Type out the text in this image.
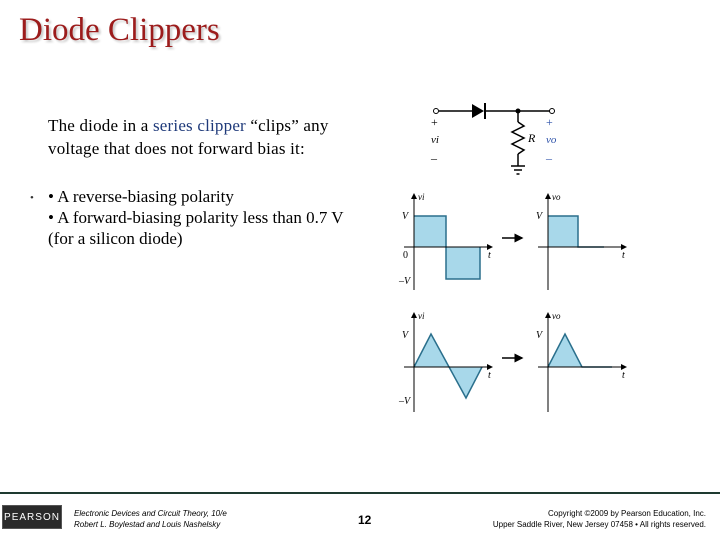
Diode Clippers
The diode in a series clipper “clips” any voltage that does not forward bias it:
• • A reverse-biasing polarity
• A forward-biasing polarity less than 0.7 V (for a silicon diode)
+
vi
–
R
+
vo
–
vi
V
0
–V
t
vo
V
t
vi
V
–V
t
vo
V
t
PEARSON Electronic Devices and Circuit Theory, 10/e
Robert L. Boylestad and Louis Nashelsky	12	Copyright ©2009 by Pearson Education, Inc.
Upper Saddle River, New Jersey 07458 • All rights reserved.
